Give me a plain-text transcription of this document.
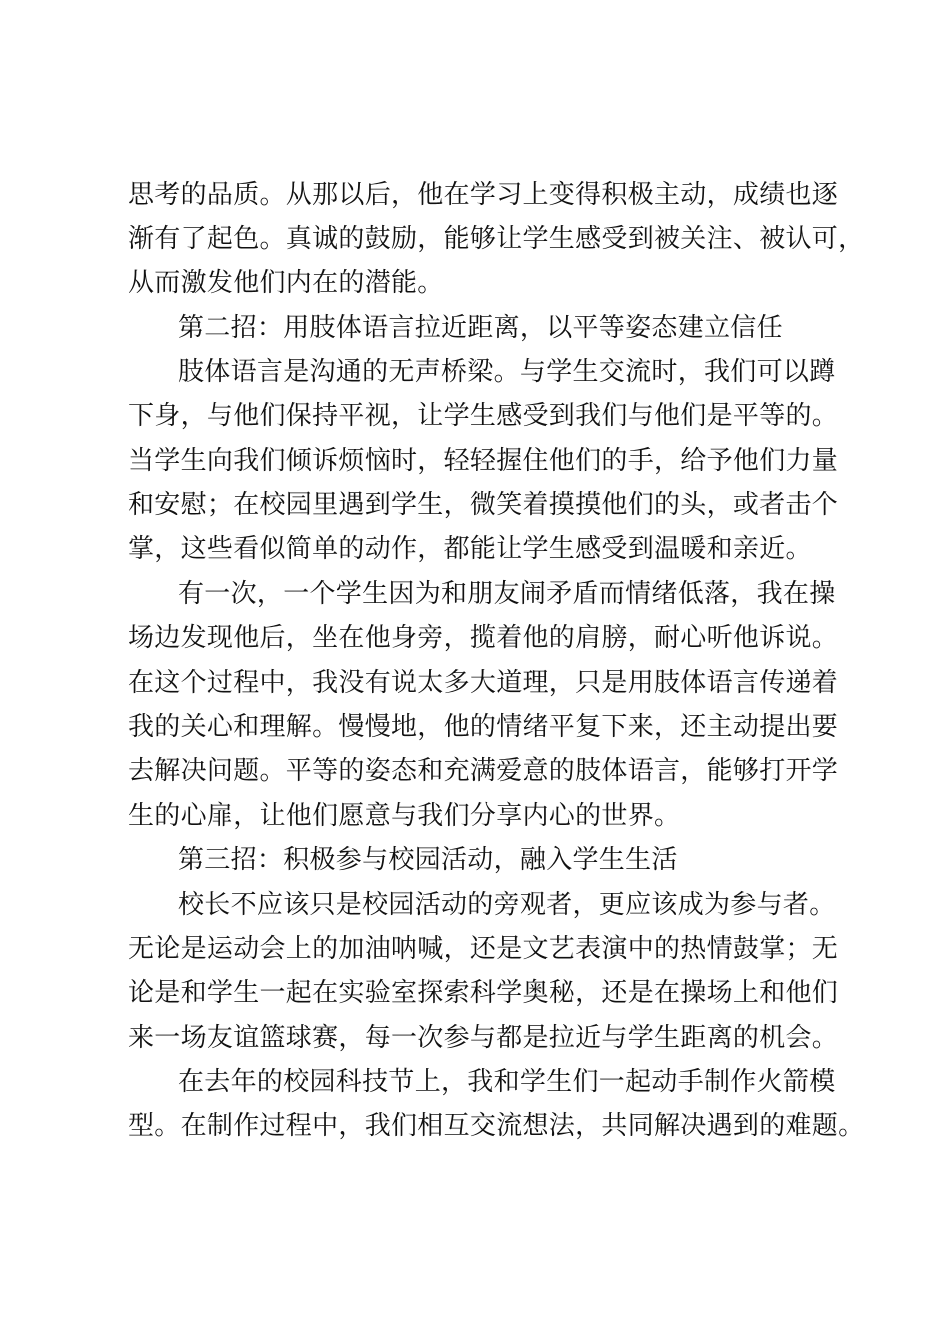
思考的品质。从那以后，他在学习上变得积极主动，成绩也逐
渐有了起色。真诚的鼓励，能够让学生感受到被关注、被认可，
从而激发他们内在的潜能。
第二招：用肢体语言拉近距离，以平等姿态建立信任
肢体语言是沟通的无声桥梁。与学生交流时，我们可以蹲
下身，与他们保持平视，让学生感受到我们与他们是平等的。
当学生向我们倾诉烦恼时，轻轻握住他们的手，给予他们力量
和安慰；在校园里遇到学生，微笑着摸摸他们的头，或者击个
掌，这些看似简单的动作，都能让学生感受到温暖和亲近。
有一次，一个学生因为和朋友闹矛盾而情绪低落，我在操
场边发现他后，坐在他身旁，揽着他的肩膀，耐心听他诉说。
在这个过程中，我没有说太多大道理，只是用肢体语言传递着
我的关心和理解。慢慢地，他的情绪平复下来，还主动提出要
去解决问题。平等的姿态和充满爱意的肢体语言，能够打开学
生的心扉，让他们愿意与我们分享内心的世界。
第三招：积极参与校园活动，融入学生生活
校长不应该只是校园活动的旁观者，更应该成为参与者。
无论是运动会上的加油呐喊，还是文艺表演中的热情鼓掌；无
论是和学生一起在实验室探索科学奥秘，还是在操场上和他们
来一场友谊篮球赛，每一次参与都是拉近与学生距离的机会。
在去年的校园科技节上，我和学生们一起动手制作火箭模
型。在制作过程中，我们相互交流想法，共同解决遇到的难题。
